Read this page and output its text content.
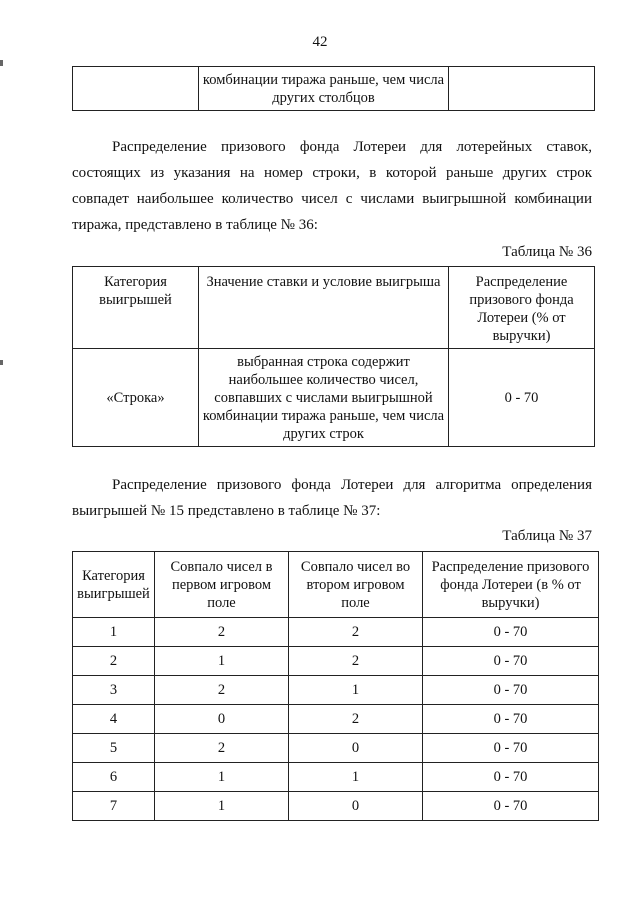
42
	комбинации тиража раньше, чем числа других столбцов	
Распределение призового фонда Лотереи для лотерейных ставок, состоящих из указания на номер строки, в которой раньше других строк совпадет наибольшее количество чисел с числами выигрышной комбинации тиража, представлено в таблице № 36:
Таблица № 36
Категория выигрышей	Значение ставки и условие выигрыша	Распределение призового фонда Лотереи (% от выручки)
«Строка»	выбранная строка содержит наибольшее количество чисел, совпавших с числами выигрышной комбинации тиража раньше, чем числа других строк	0 - 70
Распределение призового фонда Лотереи для алгоритма определения выигрышей № 15 представлено в таблице № 37:
Таблица № 37
Категория выигрышей	Совпало чисел в первом игровом поле	Совпало чисел во втором игровом поле	Распределение призового фонда Лотереи (в % от выручки)
1	2	2	0 - 70
2	1	2	0 - 70
3	2	1	0 - 70
4	0	2	0 - 70
5	2	0	0 - 70
6	1	1	0 - 70
7	1	0	0 - 70
